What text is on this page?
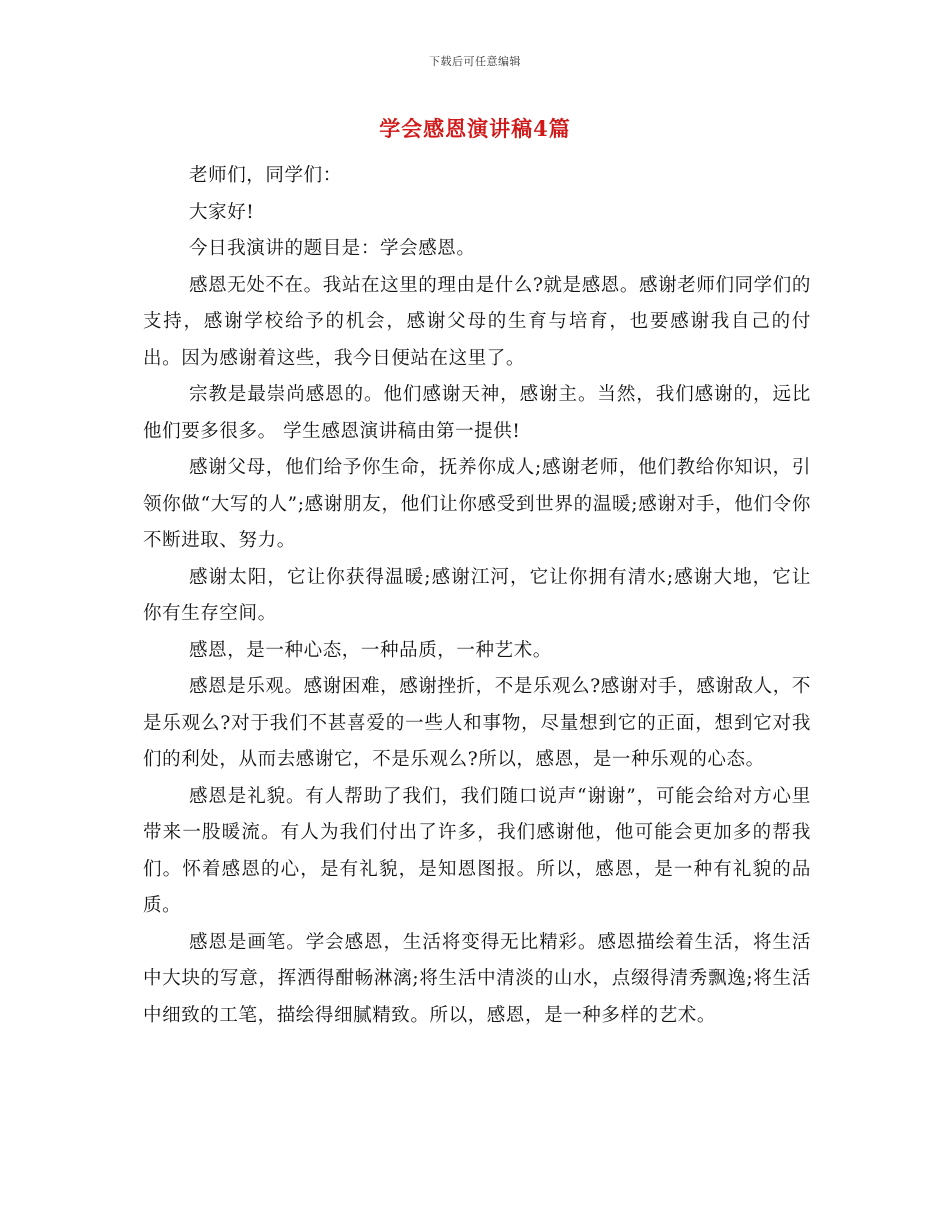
下载后可任意编辑
学会感恩演讲稿4篇

老师们，同学们：

大家好!

今日我演讲的题目是：学会感恩。

感恩无处不在。我站在这里的理由是什么?就是感恩。感谢老师们同学们的支持，感谢学校给予的机会，感谢父母的生育与培育，也要感谢我自己的付出。因为感谢着这些，我今日便站在这里了。

宗教是最崇尚感恩的。他们感谢天神，感谢主。当然，我们感谢的，远比他们要多很多。 学生感恩演讲稿由第一提供!

感谢父母，他们给予你生命，抚养你成人;感谢老师，他们教给你知识，引领你做“大写的人”;感谢朋友，他们让你感受到世界的温暖;感谢对手，他们令你不断进取、努力。

感谢太阳，它让你获得温暖;感谢江河，它让你拥有清水;感谢大地，它让你有生存空间。

感恩，是一种心态，一种品质，一种艺术。

感恩是乐观。感谢困难，感谢挫折，不是乐观么?感谢对手，感谢敌人，不是乐观么?对于我们不甚喜爱的一些人和事物，尽量想到它的正面，想到它对我们的利处，从而去感谢它，不是乐观么?所以，感恩，是一种乐观的心态。

感恩是礼貌。有人帮助了我们，我们随口说声“谢谢”，可能会给对方心里带来一股暖流。有人为我们付出了许多，我们感谢他，他可能会更加多的帮我们。怀着感恩的心，是有礼貌，是知恩图报。所以，感恩，是一种有礼貌的品质。

感恩是画笔。学会感恩，生活将变得无比精彩。感恩描绘着生活，将生活中大块的写意，挥洒得酣畅淋漓;将生活中清淡的山水，点缀得清秀飘逸;将生活中细致的工笔，描绘得细腻精致。所以，感恩，是一种多样的艺术。
